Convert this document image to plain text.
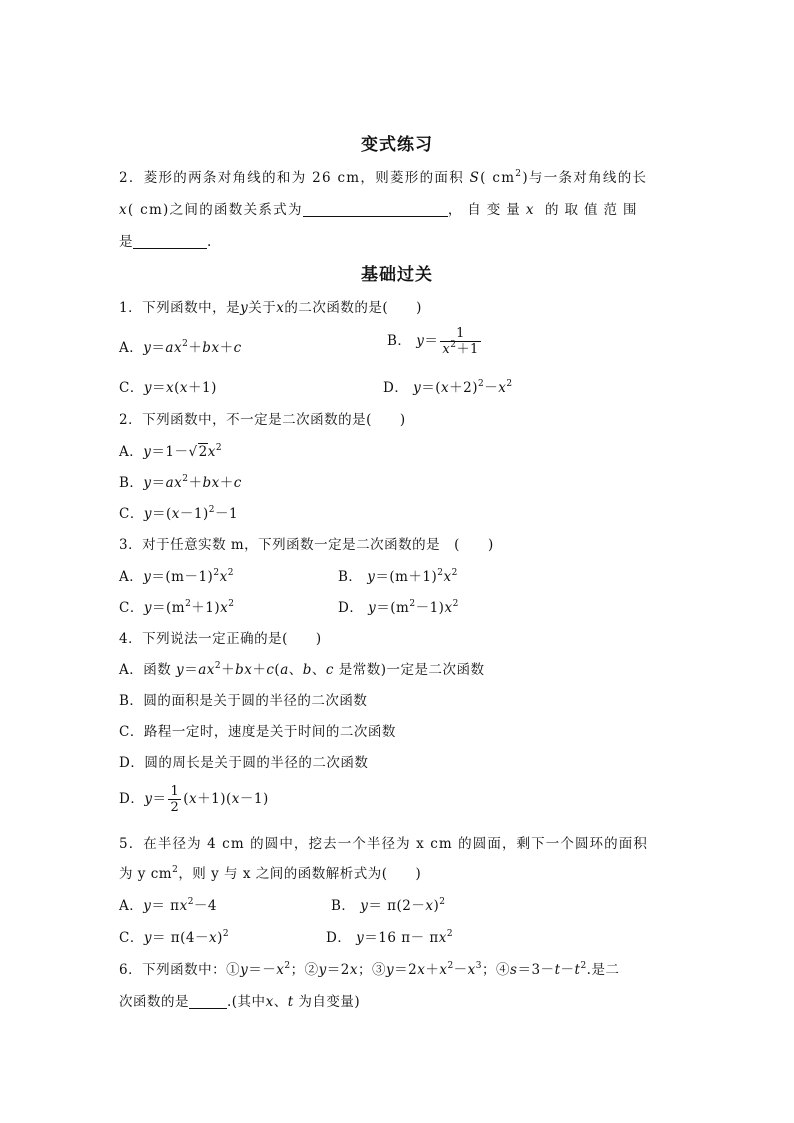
变式练习
2．菱形的两条对角线的和为 26 cm，则菱形的面积 S( $cm^2$)与一条对角线的长
x( cm)之间的函数关系式为	，自变量x 的取值范围
是	.
基础过关
1．下列函数中，是y关于x的二次函数的是(　　)
A．$y=ax^2+bx+c$	B． $y= \frac{1}{x^2+1}$
C．y＝x(x＋1)	D． $y=(x+2)^2-x^2$
2．下列函数中，不一定是二次函数的是(　　)
A．$y=1-√2x^2$
B．$y=ax^2+bx+c$
C．$y=(x-1)^2-1$
3．对于任意实数 m，下列函数一定是二次函数的是　(　　)
A．$y=(m-1)^2x^2$	B． $y=(m+1)^2x^2$
C．$y=(m^2+1)x^2$	D． $y=(m^2-1)x^2$
4．下列说法一定正确的是(　　)
A．函数 $y=ax^2+bx+c(a$、b、c 是常数)一定是二次函数
B．圆的面积是关于圆的半径的二次函数
C．路程一定时，速度是关于时间的二次函数
D．圆的周长是关于圆的半径的二次函数
D．$y= \frac{1}{2} (x+1)(x-1)$
5．在半径为 4 cm 的圆中，挖去一个半径为 x cm 的圆面，剩下一个圆环的面积
为 y $cm^2$，则 y 与 x 之间的函数解析式为(　　)
A．$y= \pi x^2-4$	B． $y= \pi(2-x)^2$
C．$y= \pi(4-x)^2$	D． y＝16 $\pi- \pi x^2$
6．下列函数中：$①y=-x^2$；②y＝2x；$③y=2x+x^2-x^3$；$④s=3-t-t^2$.是二
次函数的是	.(其中x、t 为自变量)
